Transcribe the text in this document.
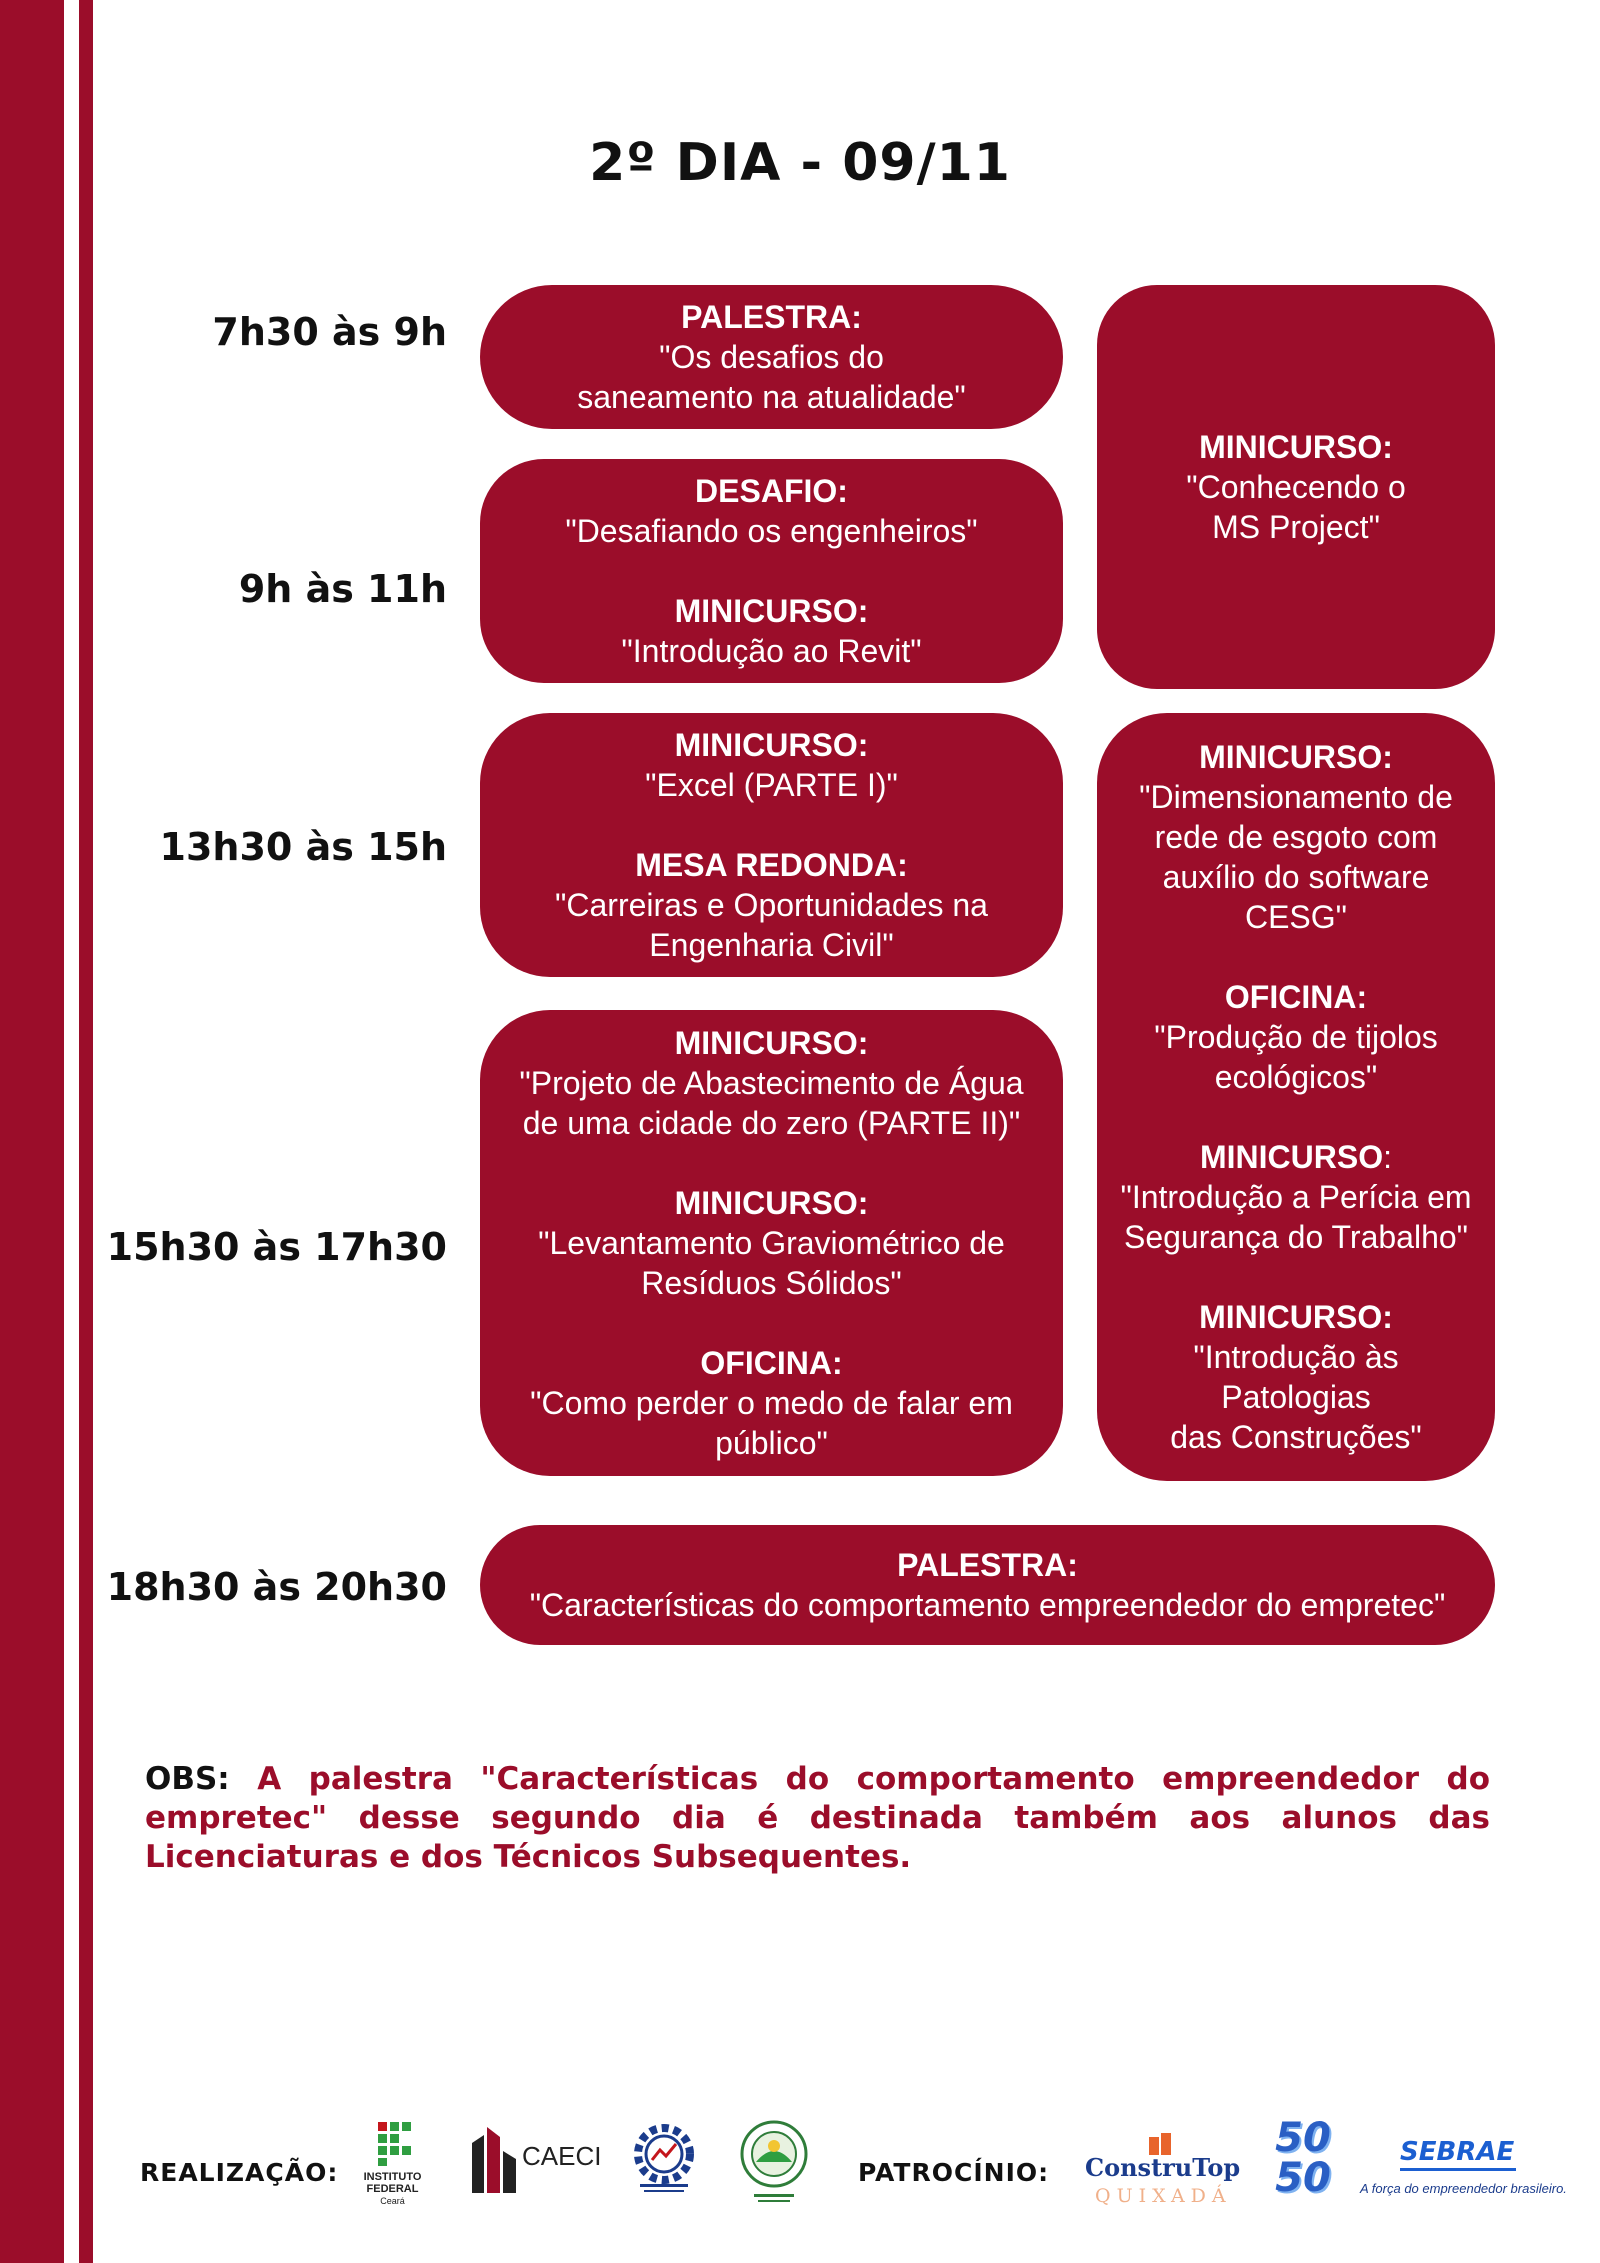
2º DIA - 09/11
7h30 às 9h
9h às 11h
13h30 às 15h
15h30 às 17h30
18h30 às 20h30
PALESTRA:
"Os desafios do
saneamento na atualidade"
DESAFIO:
"Desafiando os engenheiros"
MINICURSO:
"Introdução ao Revit"
MINICURSO:
"Conhecendo o
MS Project"
MINICURSO:
"Excel (PARTE I)"
MESA REDONDA:
"Carreiras e Oportunidades na
Engenharia Civil"
MINICURSO:
"Projeto de Abastecimento de Água
de uma cidade do zero (PARTE II)"
MINICURSO:
"Levantamento Graviométrico de
Resíduos Sólidos"
OFICINA:
"Como perder o medo de falar em
público"
MINICURSO:
"Dimensionamento de
rede de esgoto com
auxílio do software
CESG"
OFICINA:
"Produção de tijolos
ecológicos"
MINICURSO:
"Introdução a Perícia em
Segurança do Trabalho"
MINICURSO:
"Introdução às Patologias
das Construções"
PALESTRA:
"Características do comportamento empreendedor do empretec"
OBS: A palestra "Características do comportamento empreendedor do empretec" desse segundo dia é destinada também aos alunos das Licenciaturas e dos Técnicos Subsequentes.
REALIZAÇÃO:	PATROCÍNIO:
INSTITUTO
FEDERAL
Ceará
CAECI	ConstruTop
QUIXADÁ
50 50
SEBRAE
A força do empreendedor brasileiro.
